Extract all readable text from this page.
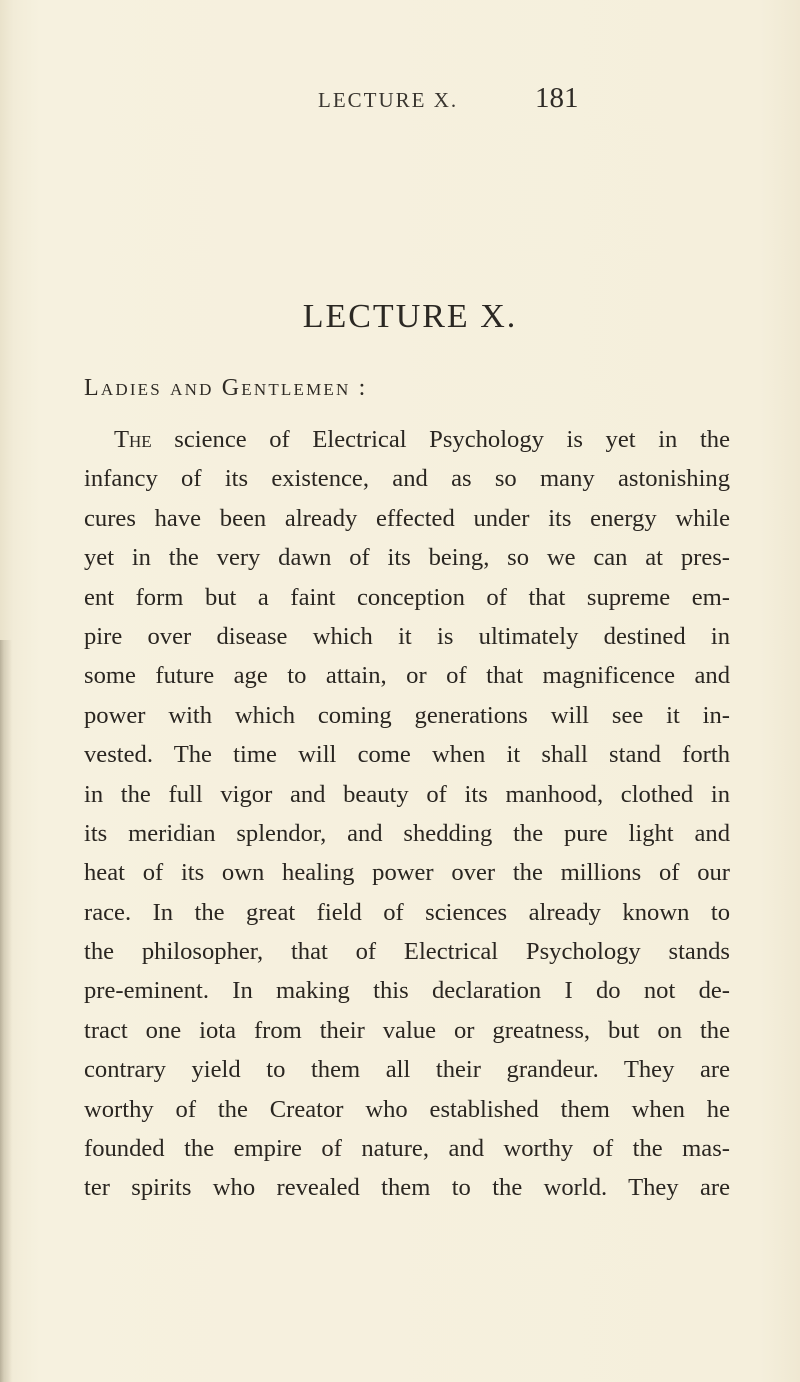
LECTURE X.	181
LECTURE X.
Ladies and Gentlemen :
The science of Electrical Psychology is yet in the
infancy of its existence, and as so many astonishing
cures have been already effected under its energy while
yet in the very dawn of its being, so we can at pres-
ent form but a faint conception of that supreme em-
pire over disease which it is ultimately destined in
some future age to attain, or of that magnificence and
power with which coming generations will see it in-
vested. The time will come when it shall stand forth
in the full vigor and beauty of its manhood, clothed in
its meridian splendor, and shedding the pure light and
heat of its own healing power over the millions of our
race. In the great field of sciences already known to
the philosopher, that of Electrical Psychology stands
pre-eminent. In making this declaration I do not de-
tract one iota from their value or greatness, but on the
contrary yield to them all their grandeur. They are
worthy of the Creator who established them when he
founded the empire of nature, and worthy of the mas-
ter spirits who revealed them to the world. They are
